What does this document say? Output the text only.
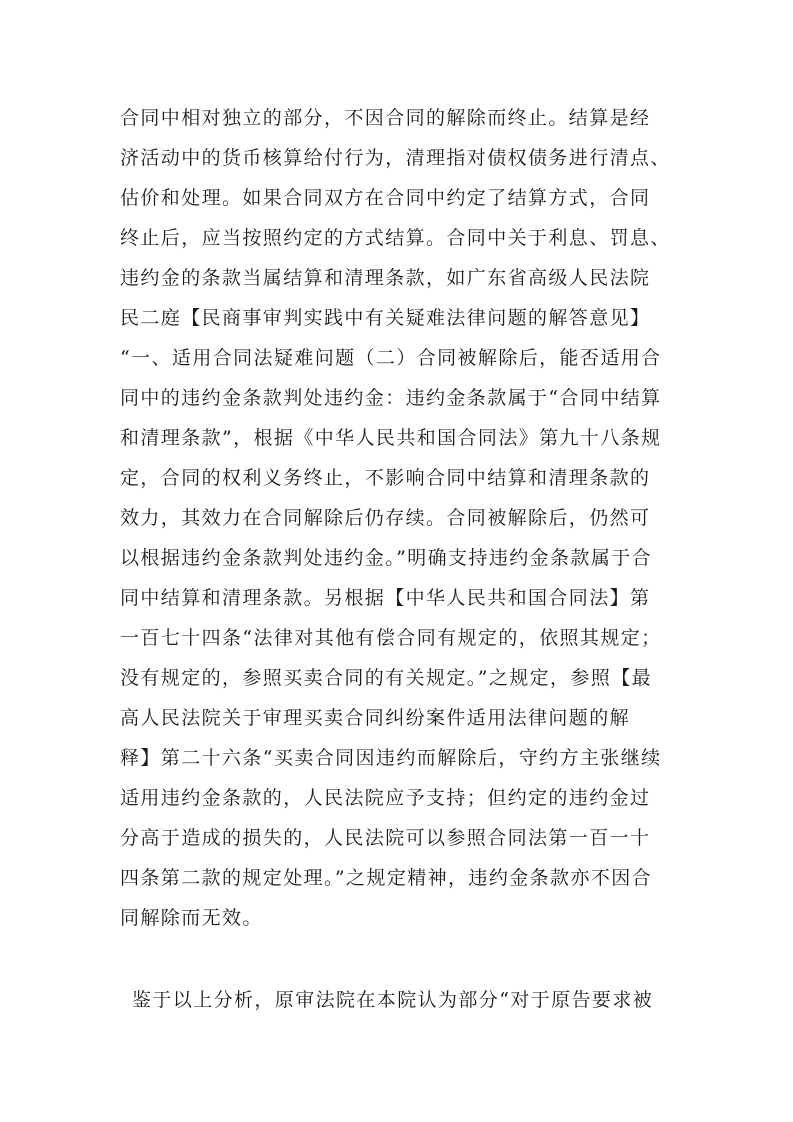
合同中相对独立的部分，不因合同的解除而终止。结算是经
济活动中的货币核算给付行为，清理指对债权债务进行清点、
估价和处理。如果合同双方在合同中约定了结算方式，合同
终止后，应当按照约定的方式结算。合同中关于利息、罚息、
违约金的条款当属结算和清理条款，如广东省高级人民法院
民二庭【民商事审判实践中有关疑难法律问题的解答意见】
“一、适用合同法疑难问题（二）合同被解除后，能否适用合
同中的违约金条款判处违约金：违约金条款属于“合同中结算
和清理条款”，根据《中华人民共和国合同法》第九十八条规
定，合同的权利义务终止，不影响合同中结算和清理条款的
效力，其效力在合同解除后仍存续。合同被解除后，仍然可
以根据违约金条款判处违约金。”明确支持违约金条款属于合
同中结算和清理条款。另根据【中华人民共和国合同法】第
一百七十四条“法律对其他有偿合同有规定的，依照其规定；
没有规定的，参照买卖合同的有关规定。”之规定，参照【最
高人民法院关于审理买卖合同纠纷案件适用法律问题的解
释】第二十六条“买卖合同因违约而解除后，守约方主张继续
适用违约金条款的，人民法院应予支持；但约定的违约金过
分高于造成的损失的，人民法院可以参照合同法第一百一十
四条第二款的规定处理。”之规定精神，违约金条款亦不因合
同解除而无效。
鉴于以上分析，原审法院在本院认为部分“对于原告要求被
